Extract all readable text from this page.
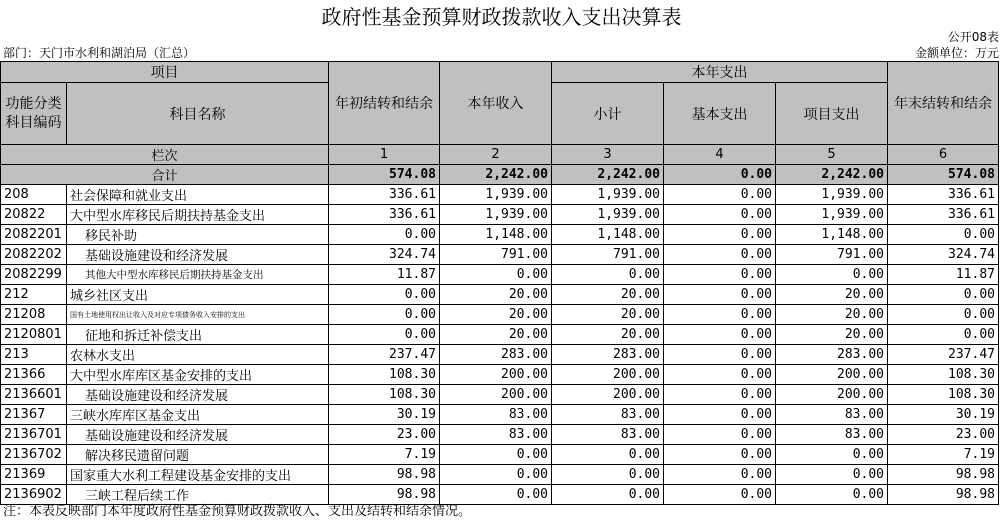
政府性基金预算财政拨款收入支出决算表
公开08表
部门：天门市水利和湖泊局（汇总）	金额单位：万元
项目		年初结转和结余	本年收入	本年支出			年末结转和结余
功能分类科目编码	科目名称			小计	基本支出	项目支出	
栏次		1	2	3	4	5	6
合计		574.08	2,242.00	2,242.00	0.00	2,242.00	574.08
208	社会保障和就业支出	336.61	1,939.00	1,939.00	0.00	1,939.00	336.61
20822	大中型水库移民后期扶持基金支出	336.61	1,939.00	1,939.00	0.00	1,939.00	336.61
2082201	移民补助	0.00	1,148.00	1,148.00	0.00	1,148.00	0.00
2082202	基础设施建设和经济发展	324.74	791.00	791.00	0.00	791.00	324.74
2082299	其他大中型水库移民后期扶持基金支出	11.87	0.00	0.00	0.00	0.00	11.87
212	城乡社区支出	0.00	20.00	20.00	0.00	20.00	0.00
21208	国有土地使用权出让收入及对应专项债务收入安排的支出	0.00	20.00	20.00	0.00	20.00	0.00
2120801	征地和拆迁补偿支出	0.00	20.00	20.00	0.00	20.00	0.00
213	农林水支出	237.47	283.00	283.00	0.00	283.00	237.47
21366	大中型水库库区基金安排的支出	108.30	200.00	200.00	0.00	200.00	108.30
2136601	基础设施建设和经济发展	108.30	200.00	200.00	0.00	200.00	108.30
21367	三峡水库库区基金支出	30.19	83.00	83.00	0.00	83.00	30.19
2136701	基础设施建设和经济发展	23.00	83.00	83.00	0.00	83.00	23.00
2136702	解决移民遗留问题	7.19	0.00	0.00	0.00	0.00	7.19
21369	国家重大水利工程建设基金安排的支出	98.98	0.00	0.00	0.00	0.00	98.98
2136902	三峡工程后续工作	98.98	0.00	0.00	0.00	0.00	98.98
注：本表反映部门本年度政府性基金预算财政拨款收入、支出及结转和结余情况。
